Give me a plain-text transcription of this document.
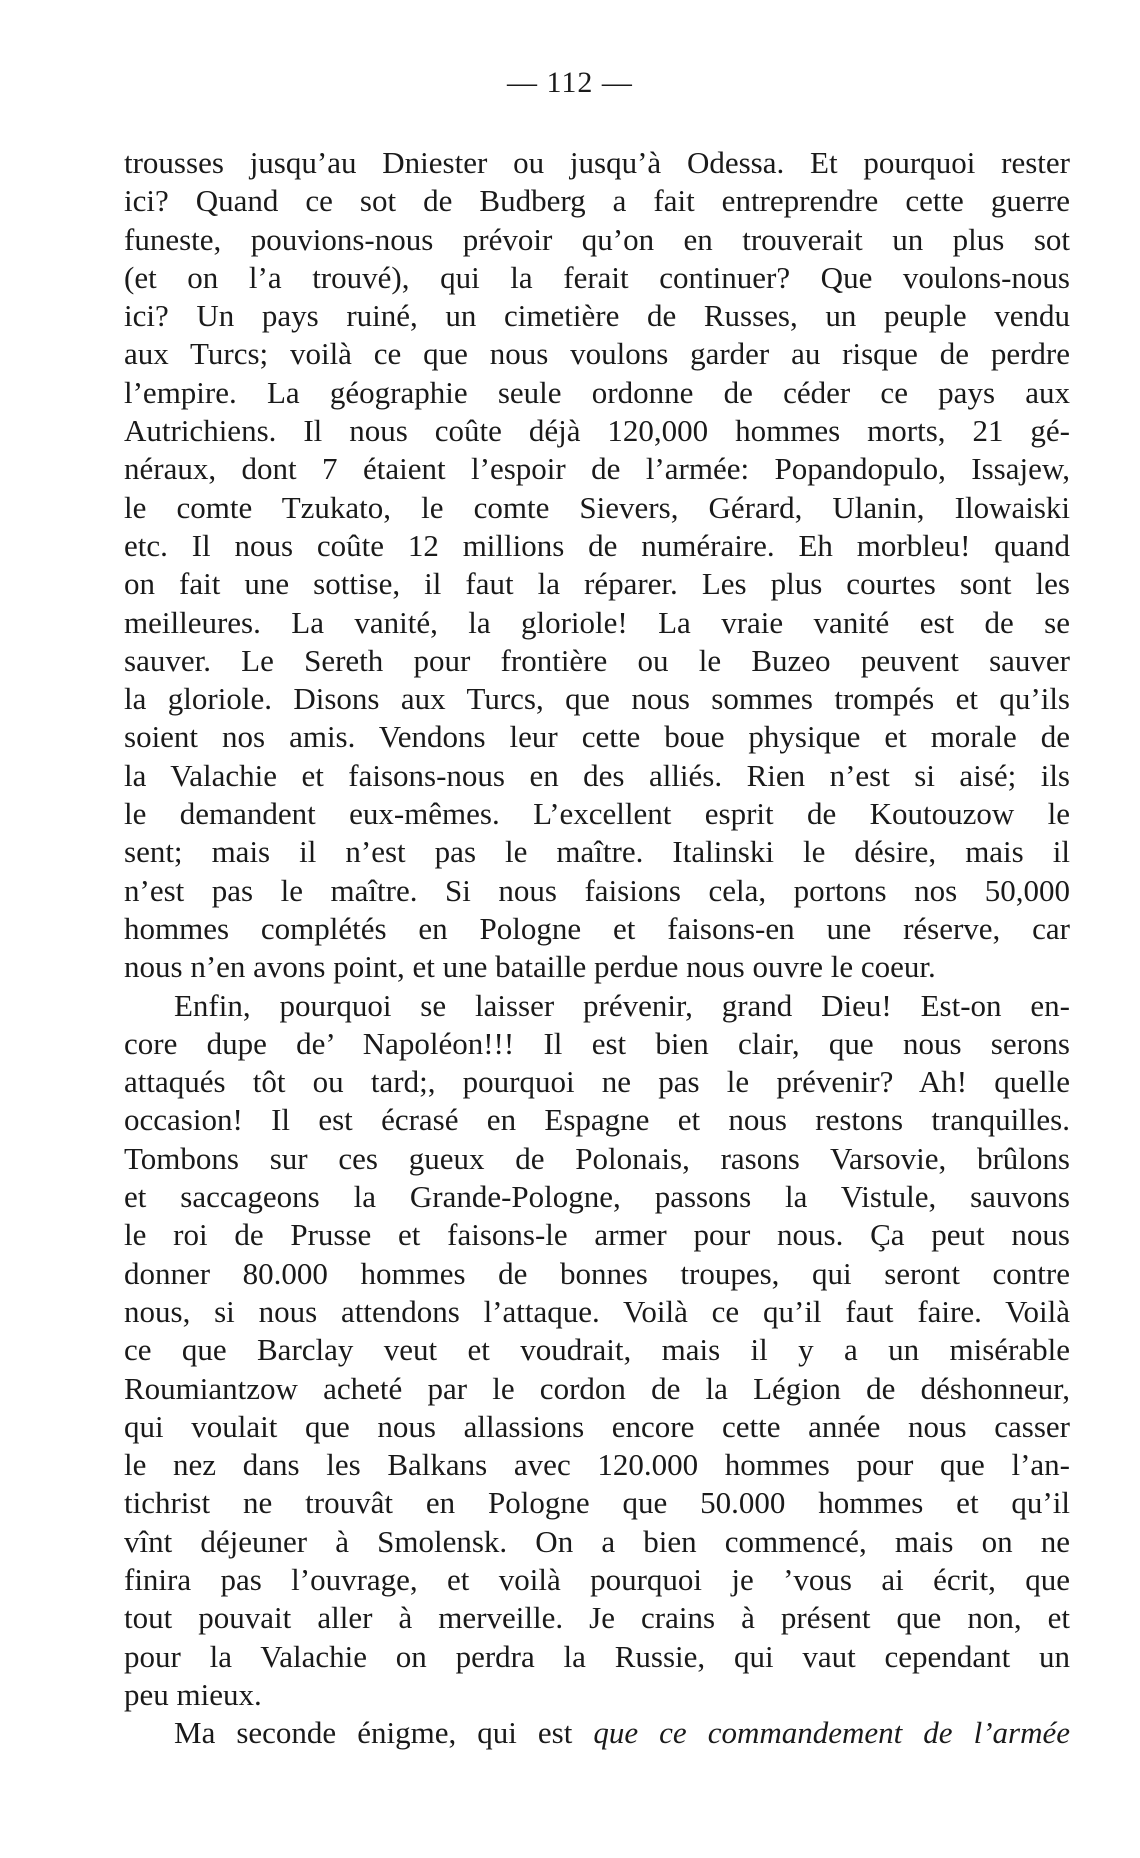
— 112 —
trousses jusqu’au Dniester ou jusqu’à Odessa. Et pourquoi rester
ici? Quand ce sot de Budberg a fait entreprendre cette guerre
funeste, pouvions-nous prévoir qu’on en trouverait un plus sot
(et on l’a trouvé), qui la ferait continuer? Que voulons-nous
ici? Un pays ruiné, un cimetière de Russes, un peuple vendu
aux Turcs; voilà ce que nous voulons garder au risque de perdre
l’empire. La géographie seule ordonne de céder ce pays aux
Autrichiens. Il nous coûte déjà 120,000 hommes morts, 21 gé-
néraux, dont 7 étaient l’espoir de l’armée: Popandopulo, Issajew,
le comte Tzukato, le comte Sievers, Gérard, Ulanin, Ilowaiski
etc. Il nous coûte 12 millions de numéraire. Eh morbleu! quand
on fait une sottise, il faut la réparer. Les plus courtes sont les
meilleures. La vanité, la gloriole! La vraie vanité est de se
sauver. Le Sereth pour frontière ou le Buzeo peuvent sauver
la gloriole. Disons aux Turcs, que nous sommes trompés et qu’ils
soient nos amis. Vendons leur cette boue physique et morale de
la Valachie et faisons-nous en des alliés. Rien n’est si aisé; ils
le demandent eux-mêmes. L’excellent esprit de Koutouzow le
sent; mais il n’est pas le maître. Italinski le désire, mais il
n’est pas le maître. Si nous faisions cela, portons nos 50,000
hommes complétés en Pologne et faisons-en une réserve, car
nous n’en avons point, et une bataille perdue nous ouvre le coeur.
Enfin, pourquoi se laisser prévenir, grand Dieu! Est-on en-
core dupe de’ Napoléon!!! Il est bien clair, que nous serons
attaqués tôt ou tard;, pourquoi ne pas le prévenir? Ah! quelle
occasion! Il est écrasé en Espagne et nous restons tranquilles.
Tombons sur ces gueux de Polonais, rasons Varsovie, brûlons
et saccageons la Grande-Pologne, passons la Vistule, sauvons
le roi de Prusse et faisons-le armer pour nous. Ça peut nous
donner 80.000 hommes de bonnes troupes, qui seront contre
nous, si nous attendons l’attaque. Voilà ce qu’il faut faire. Voilà
ce que Barclay veut et voudrait, mais il y a un misérable
Roumiantzow acheté par le cordon de la Légion de déshonneur,
qui voulait que nous allassions encore cette année nous casser
le nez dans les Balkans avec 120.000 hommes pour que l’an-
tichrist ne trouvât en Pologne que 50.000 hommes et qu’il
vînt déjeuner à Smolensk. On a bien commencé, mais on ne
finira pas l’ouvrage, et voilà pourquoi je ’vous ai écrit, que
tout pouvait aller à merveille. Je crains à présent que non, et
pour la Valachie on perdra la Russie, qui vaut cependant un
peu mieux.
Ma seconde énigme, qui est que ce commandement de l’armée
